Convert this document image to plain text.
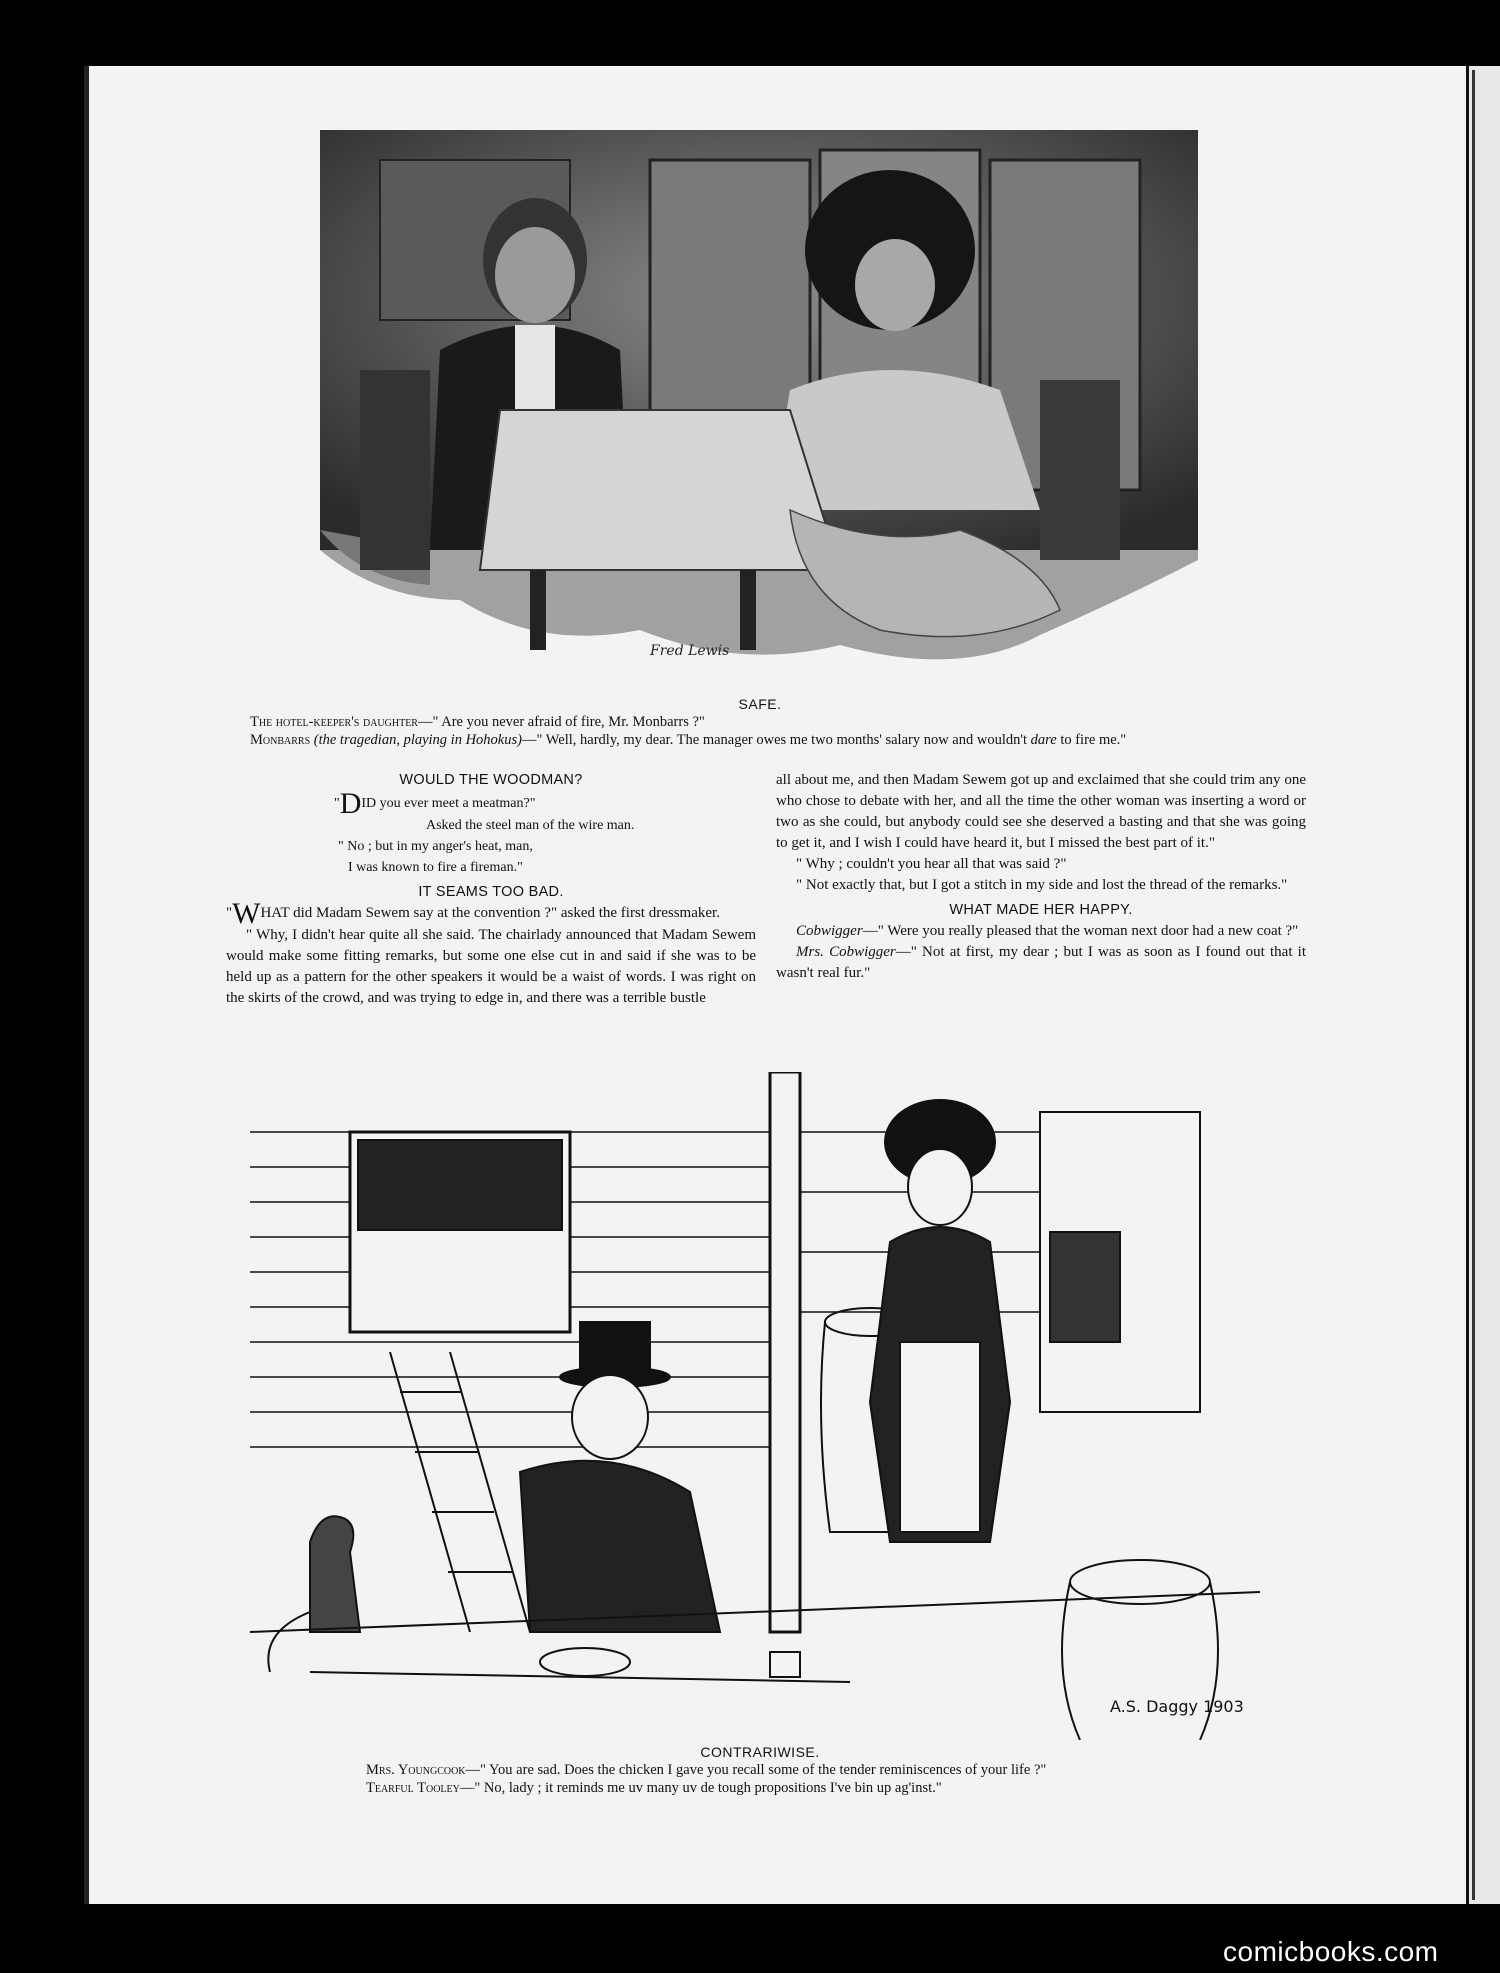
Fred Lewis
SAFE.
The hotel-keeper's daughter—" Are you never afraid of fire, Mr. Monbarrs ?"
Monbarrs (the tragedian, playing in Hohokus)—" Well, hardly, my dear. The manager owes me two months' salary now and wouldn't dare to fire me."
WOULD THE WOODMAN?
"DID you ever meet a meatman?"
Asked the steel man of the wire man.
" No ; but in my anger's heat, man,
I was known to fire a fireman."
IT SEAMS TOO BAD.

"WHAT did Madam Sewem say at the convention ?" asked the first dressmaker.

" Why, I didn't hear quite all she said. The chairlady announced that Madam Sewem would make some fitting remarks, but some one else cut in and said if she was to be held up as a pattern for the other speakers it would be a waist of words. I was right on the skirts of the crowd, and was trying to edge in, and there was a terrible bustle

all about me, and then Madam Sewem got up and exclaimed that she could trim any one who chose to debate with her, and all the time the other woman was inserting a word or two as she could, but anybody could see she deserved a basting and that she was going to get it, and I wish I could have heard it, but I missed the best part of it."

" Why ; couldn't you hear all that was said ?"

" Not exactly that, but I got a stitch in my side and lost the thread of the remarks."

WHAT MADE HER HAPPY.

Cobwigger—" Were you really pleased that the woman next door had a new coat ?"

Mrs. Cobwigger—" Not at first, my dear ; but I was as soon as I found out that it wasn't real fur."

A.S. Daggy 1903
CONTRARIWISE.
Mrs. Youngcook—" You are sad. Does the chicken I gave you recall some of the tender reminiscences of your life ?"
Tearful Tooley—" No, lady ; it reminds me uv many uv de tough propositions I've bin up ag'inst."
comicbooks.com
